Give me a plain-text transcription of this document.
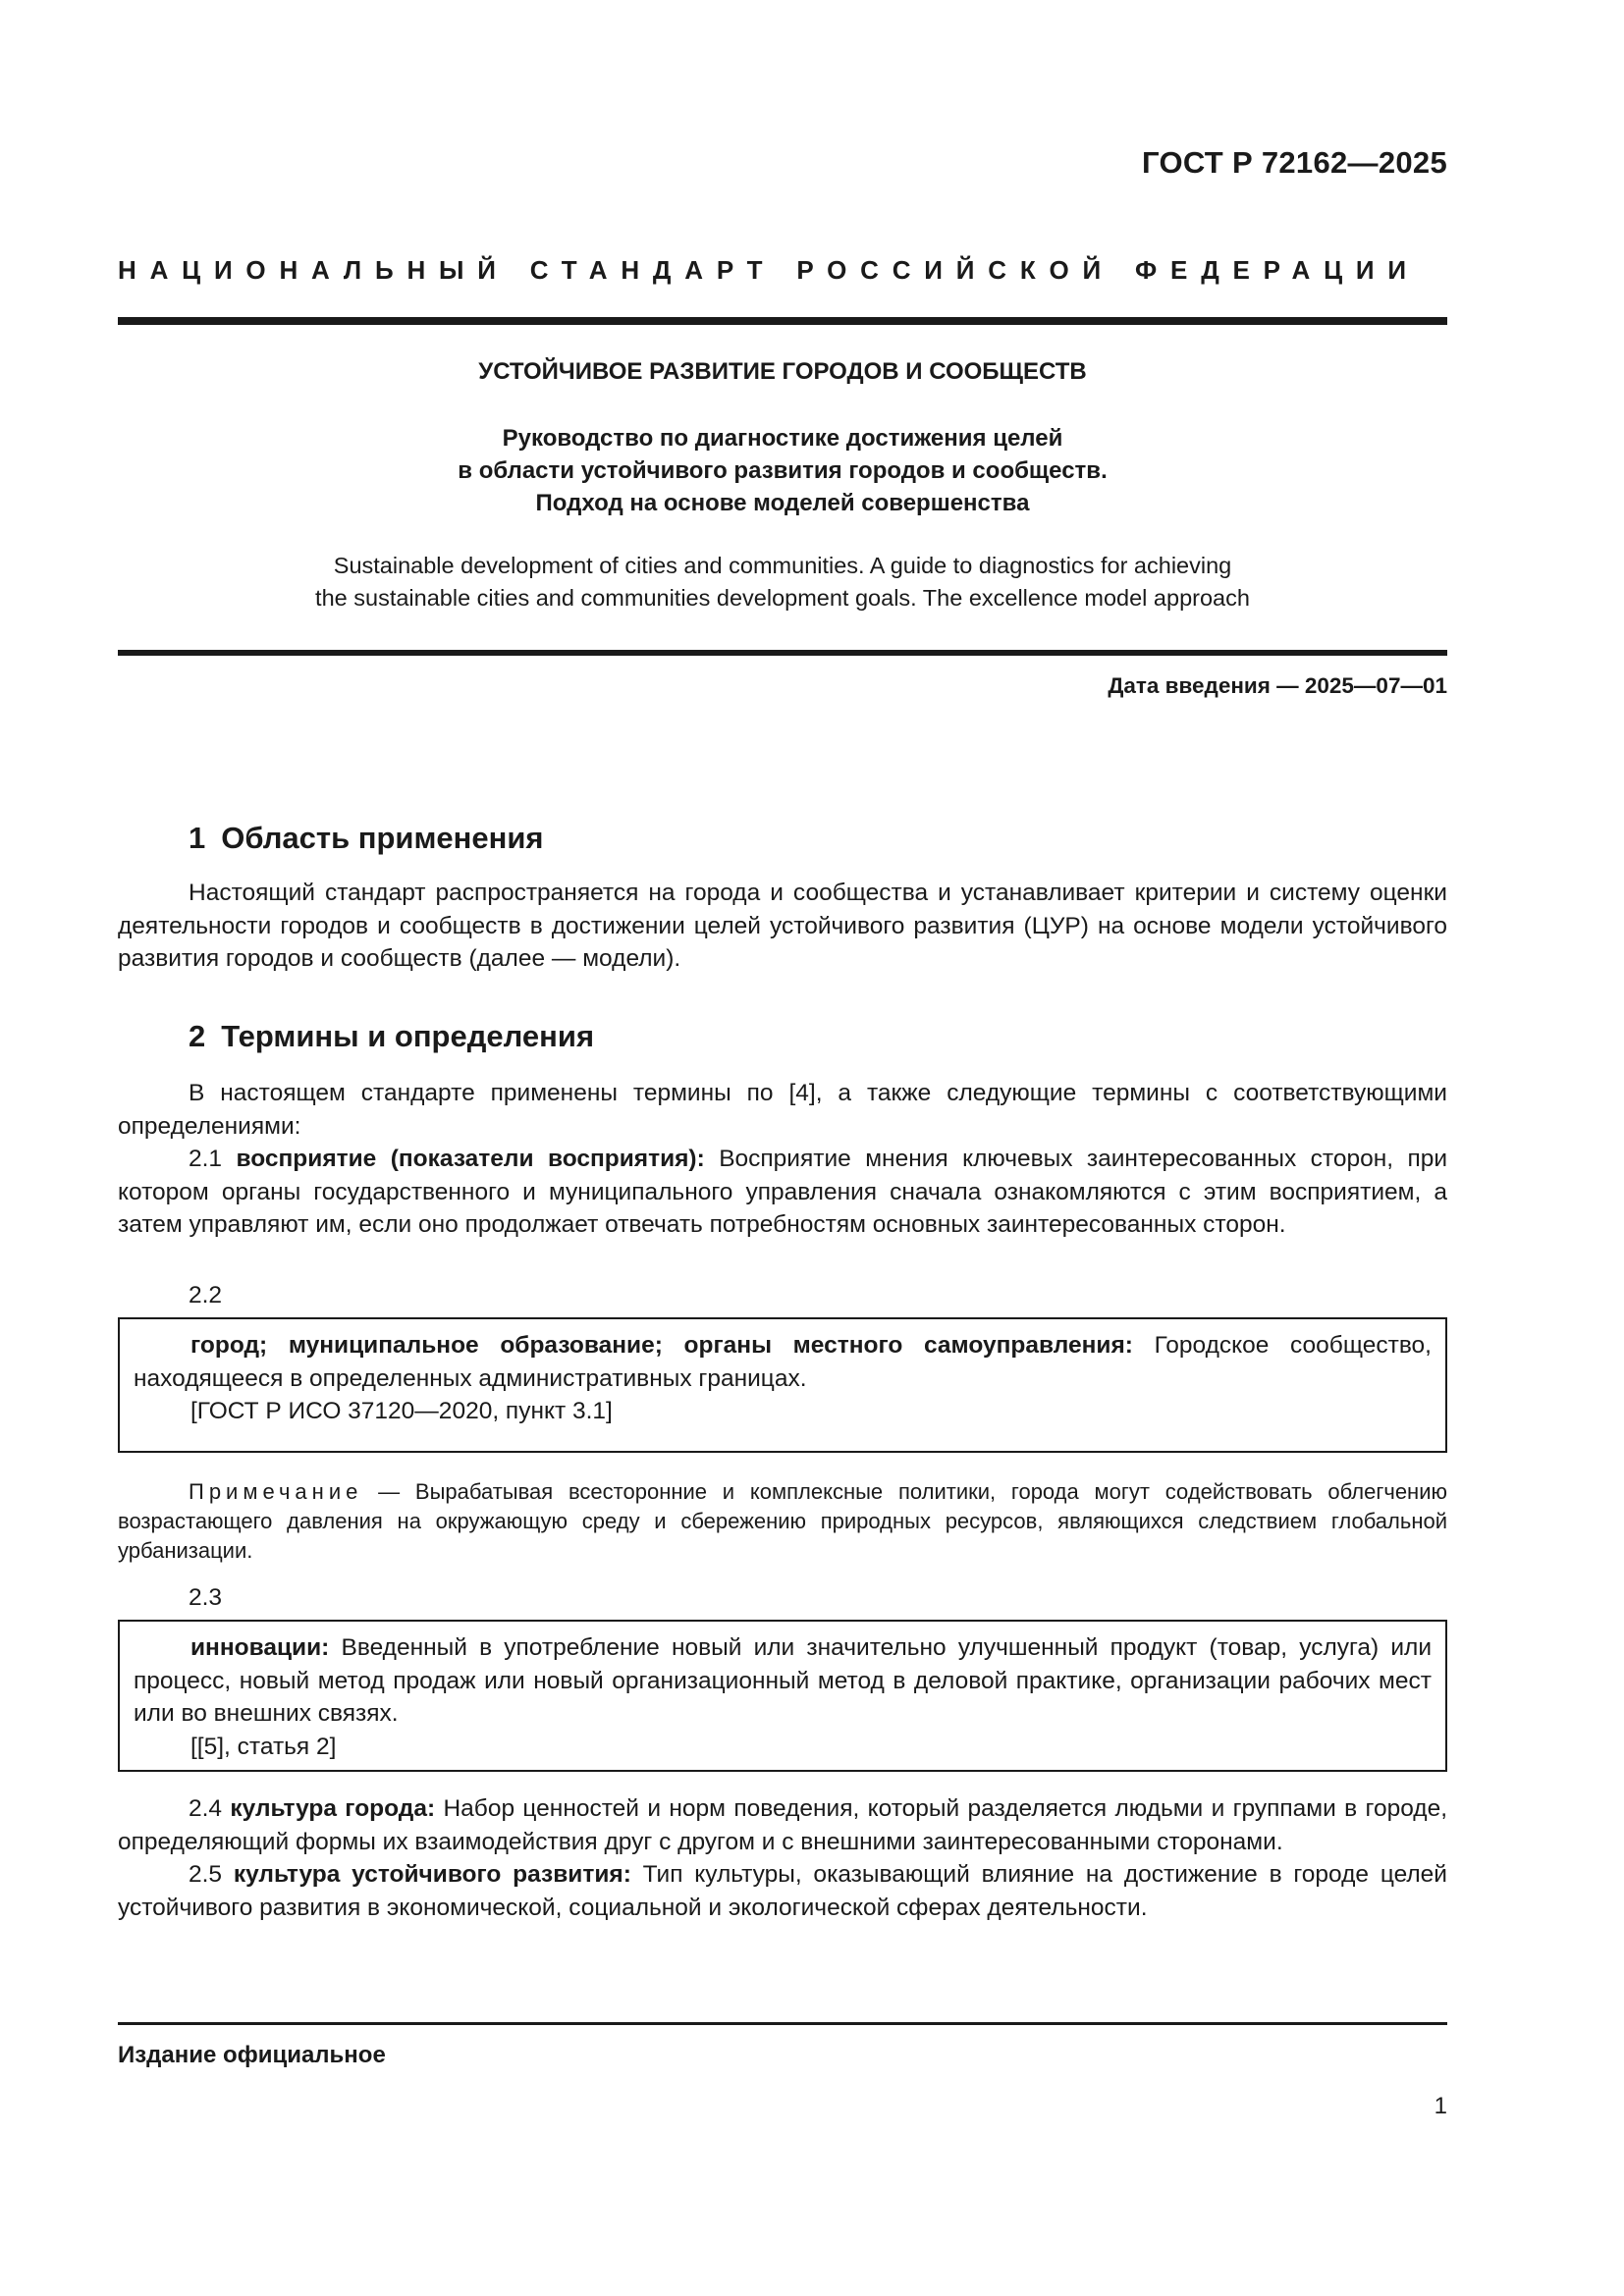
ГОСТ Р 72162—2025
НАЦИОНАЛЬНЫЙ СТАНДАРТ РОССИЙСКОЙ ФЕДЕРАЦИИ
УСТОЙЧИВОЕ РАЗВИТИЕ ГОРОДОВ И СООБЩЕСТВ
Руководство по диагностике достижения целей
в области устойчивого развития городов и сообществ.
Подход на основе моделей совершенства
Sustainable development of cities and communities. A guide to diagnostics for achieving
the sustainable cities and communities development goals. The excellence model approach
Дата введения — 2025—07—01
1 Область применения

Настоящий стандарт распространяется на города и сообщества и устанавливает критерии и систему оценки деятельности городов и сообществ в достижении целей устойчивого развития (ЦУР) на основе модели устойчивого развития городов и сообществ (далее — модели).

2 Термины и определения

В настоящем стандарте применены термины по [4], а также следующие термины с соответствующими определениями:

2.1 восприятие (показатели восприятия): Восприятие мнения ключевых заинтересованных сторон, при котором органы государственного и муниципального управления сначала ознакомляются с этим восприятием, а затем управляют им, если оно продолжает отвечать потребностям основных заинтересованных сторон.

2.2

город; муниципальное образование; органы местного самоуправления: Городское сообщество, находящееся в определенных административных границах.

[ГОСТ Р ИСО 37120—2020, пункт 3.1]
Примечание — Вырабатывая всесторонние и комплексные политики, города могут содействовать облегчению возрастающего давления на окружающую среду и сбережению природных ресурсов, являющихся следствием глобальной урбанизации.
2.3

инновации: Введенный в употребление новый или значительно улучшенный продукт (товар, услуга) или процесс, новый метод продаж или новый организационный метод в деловой практике, организации рабочих мест или во внешних связях.

[[5], статья 2]

2.4 культура города: Набор ценностей и норм поведения, который разделяется людьми и группами в городе, определяющий формы их взаимодействия друг с другом и с внешними заинтересованными сторонами.

2.5 культура устойчивого развития: Тип культуры, оказывающий влияние на достижение в городе целей устойчивого развития в экономической, социальной и экологической сферах деятельности.

Издание официальное
1
